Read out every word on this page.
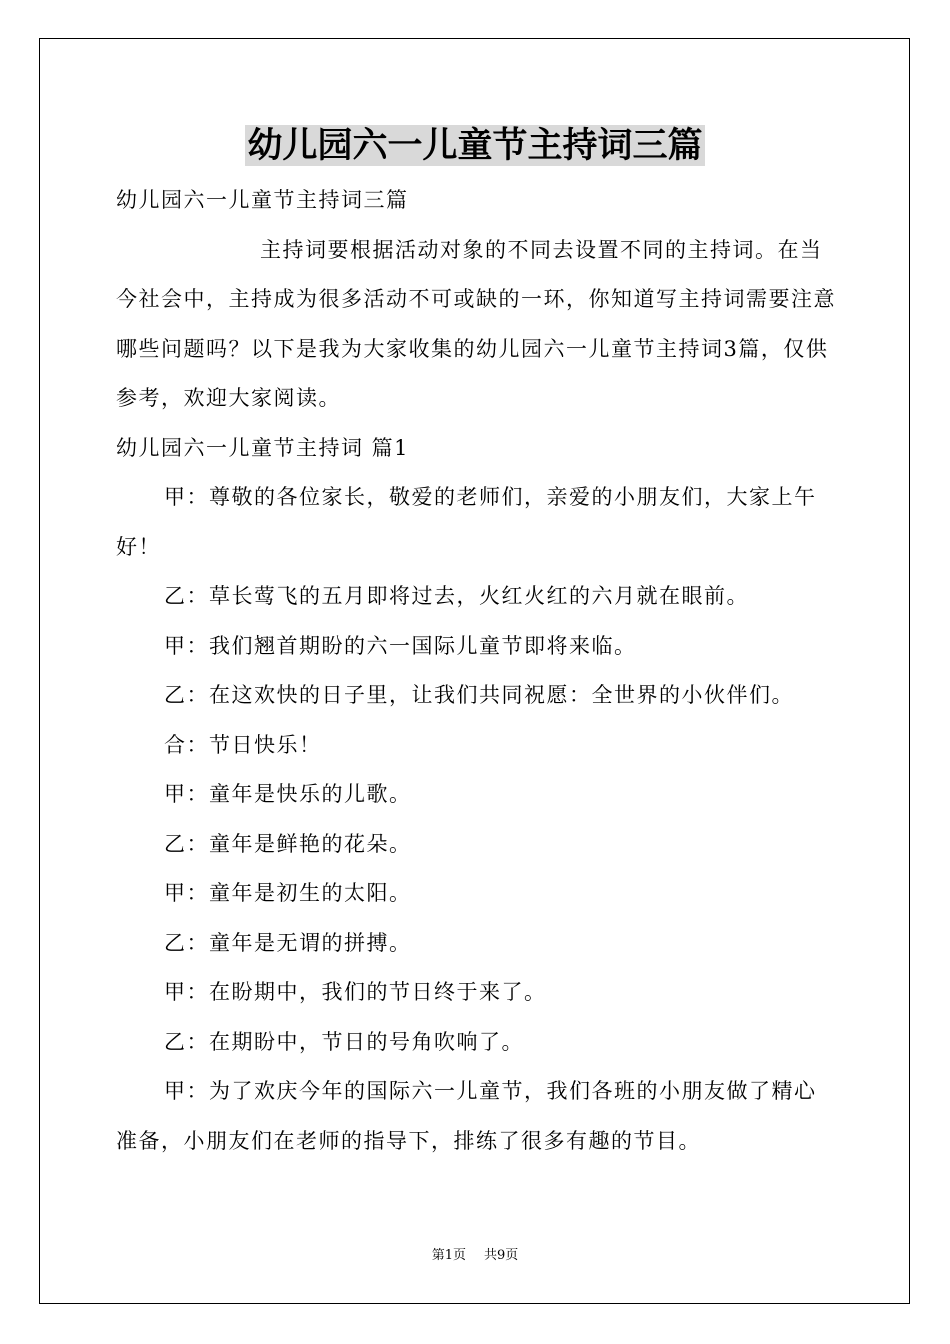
幼儿园六一儿童节主持词三篇

幼儿园六一儿童节主持词三篇

主持词要根据活动对象的不同去设置不同的主持词。在当今社会中，主持成为很多活动不可或缺的一环，你知道写主持词需要注意哪些问题吗？以下是我为大家收集的幼儿园六一儿童节主持词3篇，仅供参考，欢迎大家阅读。

幼儿园六一儿童节主持词 篇1

甲：尊敬的各位家长，敬爱的老师们，亲爱的小朋友们，大家上午好！

乙：草长莺飞的五月即将过去，火红火红的六月就在眼前。

甲：我们翘首期盼的六一国际儿童节即将来临。

乙：在这欢快的日子里，让我们共同祝愿：全世界的小伙伴们。

合：节日快乐！

甲：童年是快乐的儿歌。

乙：童年是鲜艳的花朵。

甲：童年是初生的太阳。

乙：童年是无谓的拼搏。

甲：在盼期中，我们的节日终于来了。

乙：在期盼中，节日的号角吹响了。

甲：为了欢庆今年的国际六一儿童节，我们各班的小朋友做了精心准备，小朋友们在老师的指导下，排练了很多有趣的节目。

第1页 共9页
